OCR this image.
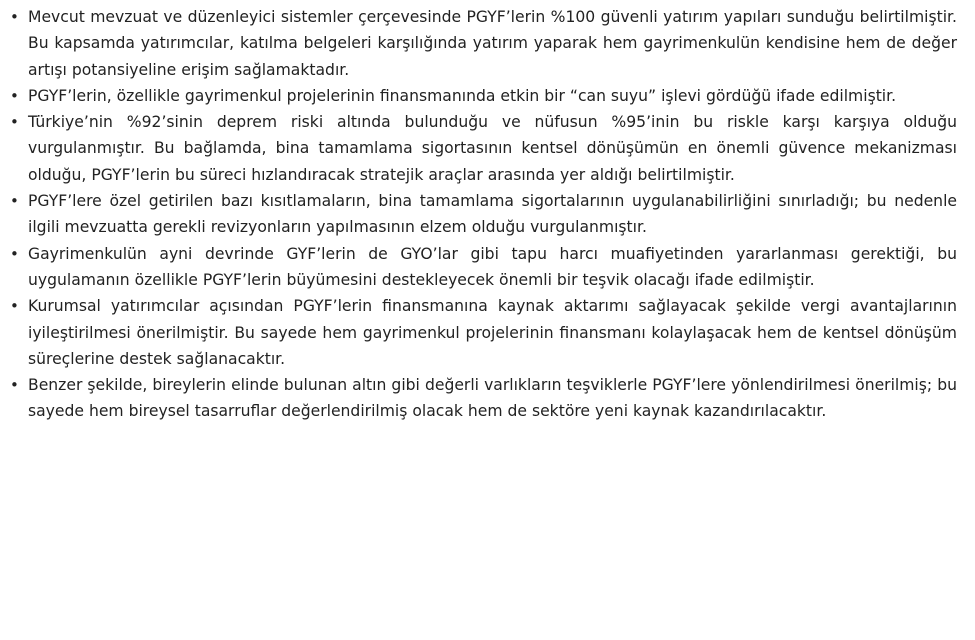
• Mevcut mevzuat ve düzenleyici sistemler çerçevesinde PGYF’lerin %100 güvenli yatırım yapıları sunduğu belirtilmiştir. Bu kapsamda yatırımcılar, katılma belgeleri karşılığında yatırım yaparak hem gayrimenkulün kendisine hem de değer artışı potansiyeline erişim sağlamaktadır.
• PGYF’lerin, özellikle gayrimenkul projelerinin finansmanında etkin bir “can suyu” işlevi gördüğü ifade edilmiştir.
• Türkiye’nin %92’sinin deprem riski altında bulunduğu ve nüfusun %95’inin bu riskle karşı karşıya olduğu vurgulanmıştır. Bu bağlamda, bina tamamlama sigortasının kentsel dönüşümün en önemli güvence mekanizması olduğu, PGYF’lerin bu süreci hızlandıracak stratejik araçlar arasında yer aldığı belirtilmiştir.
• PGYF’lere özel getirilen bazı kısıtlamaların, bina tamamlama sigortalarının uygulanabilirliğini sınırladığı; bu nedenle ilgili mevzuatta gerekli revizyonların yapılmasının elzem olduğu vurgulanmıştır.
• Gayrimenkulün ayni devrinde GYF’lerin de GYO’lar gibi tapu harcı muafiyetinden yararlanması gerektiği, bu uygulamanın özellikle PGYF’lerin büyümesini destekleyecek önemli bir teşvik olacağı ifade edilmiştir.
• Kurumsal yatırımcılar açısından PGYF’lerin finansmanına kaynak aktarımı sağlayacak şekilde vergi avantajlarının iyileştirilmesi önerilmiştir. Bu sayede hem gayrimenkul projelerinin finansmanı kolaylaşacak hem de kentsel dönüşüm süreçlerine destek sağlanacaktır.
• Benzer şekilde, bireylerin elinde bulunan altın gibi değerli varlıkların teşviklerle PGYF’lere yönlendirilmesi önerilmiş; bu sayede hem bireysel tasarruflar değerlendirilmiş olacak hem de sektöre yeni kaynak kazandırılacaktır.
